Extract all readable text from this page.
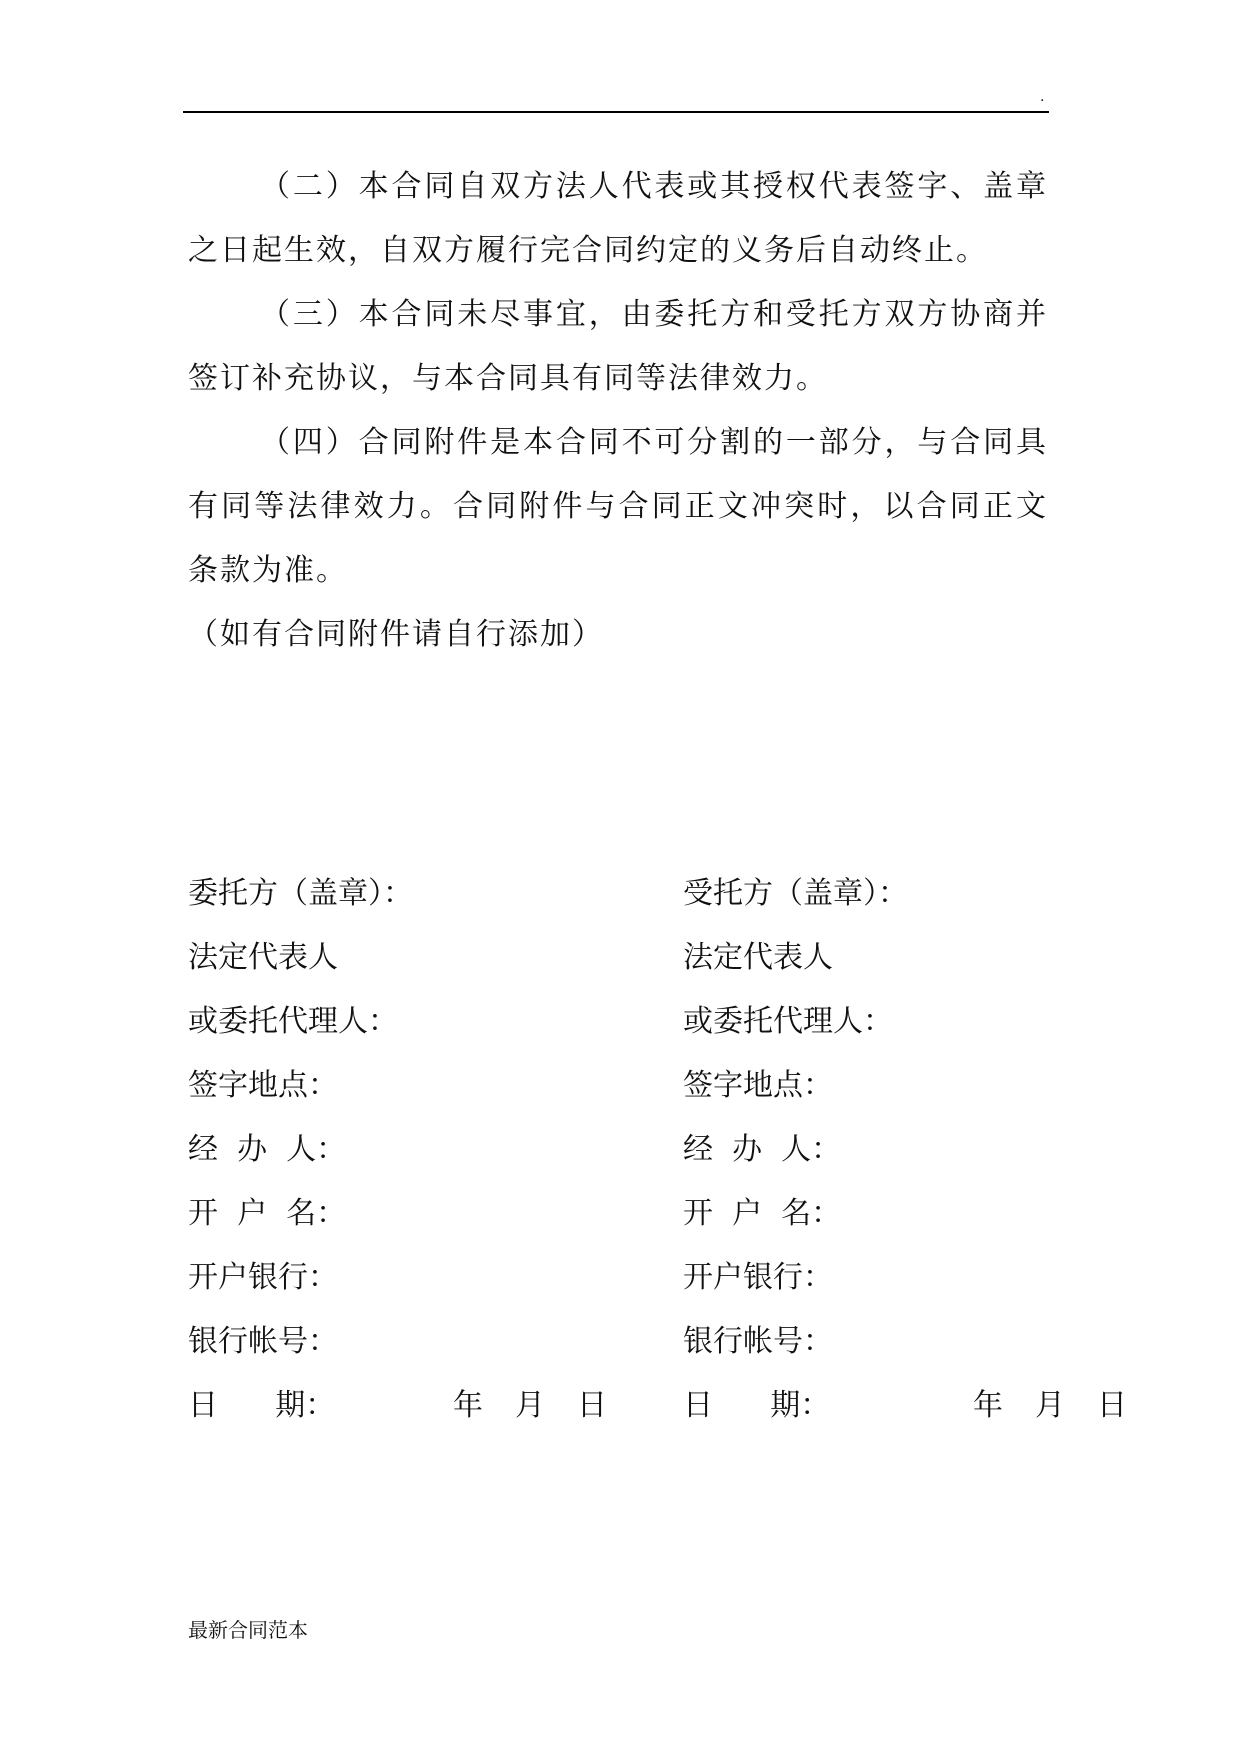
.

（二）本合同自双方法人代表或其授权代表签字、盖章之日起生效，自双方履行完合同约定的义务后自动终止。

（三）本合同未尽事宜，由委托方和受托方双方协商并签订补充协议，与本合同具有同等法律效力。

（四）合同附件是本合同不可分割的一部分，与合同具有同等法律效力。合同附件与合同正文冲突时，以合同正文条款为准。

（如有合同附件请自行添加）

委托方（盖章）：
法定代表人
或委托代理人：
签字地点：
经  办  人：
开  户  名：
开户银行：
银行帐号：
日      期：	年 月 日
受托方（盖章）：
法定代表人
或委托代理人：
签字地点：
经  办  人：
开  户  名：
开户银行：
银行帐号：
日      期：	年 月 日
最新合同范本
